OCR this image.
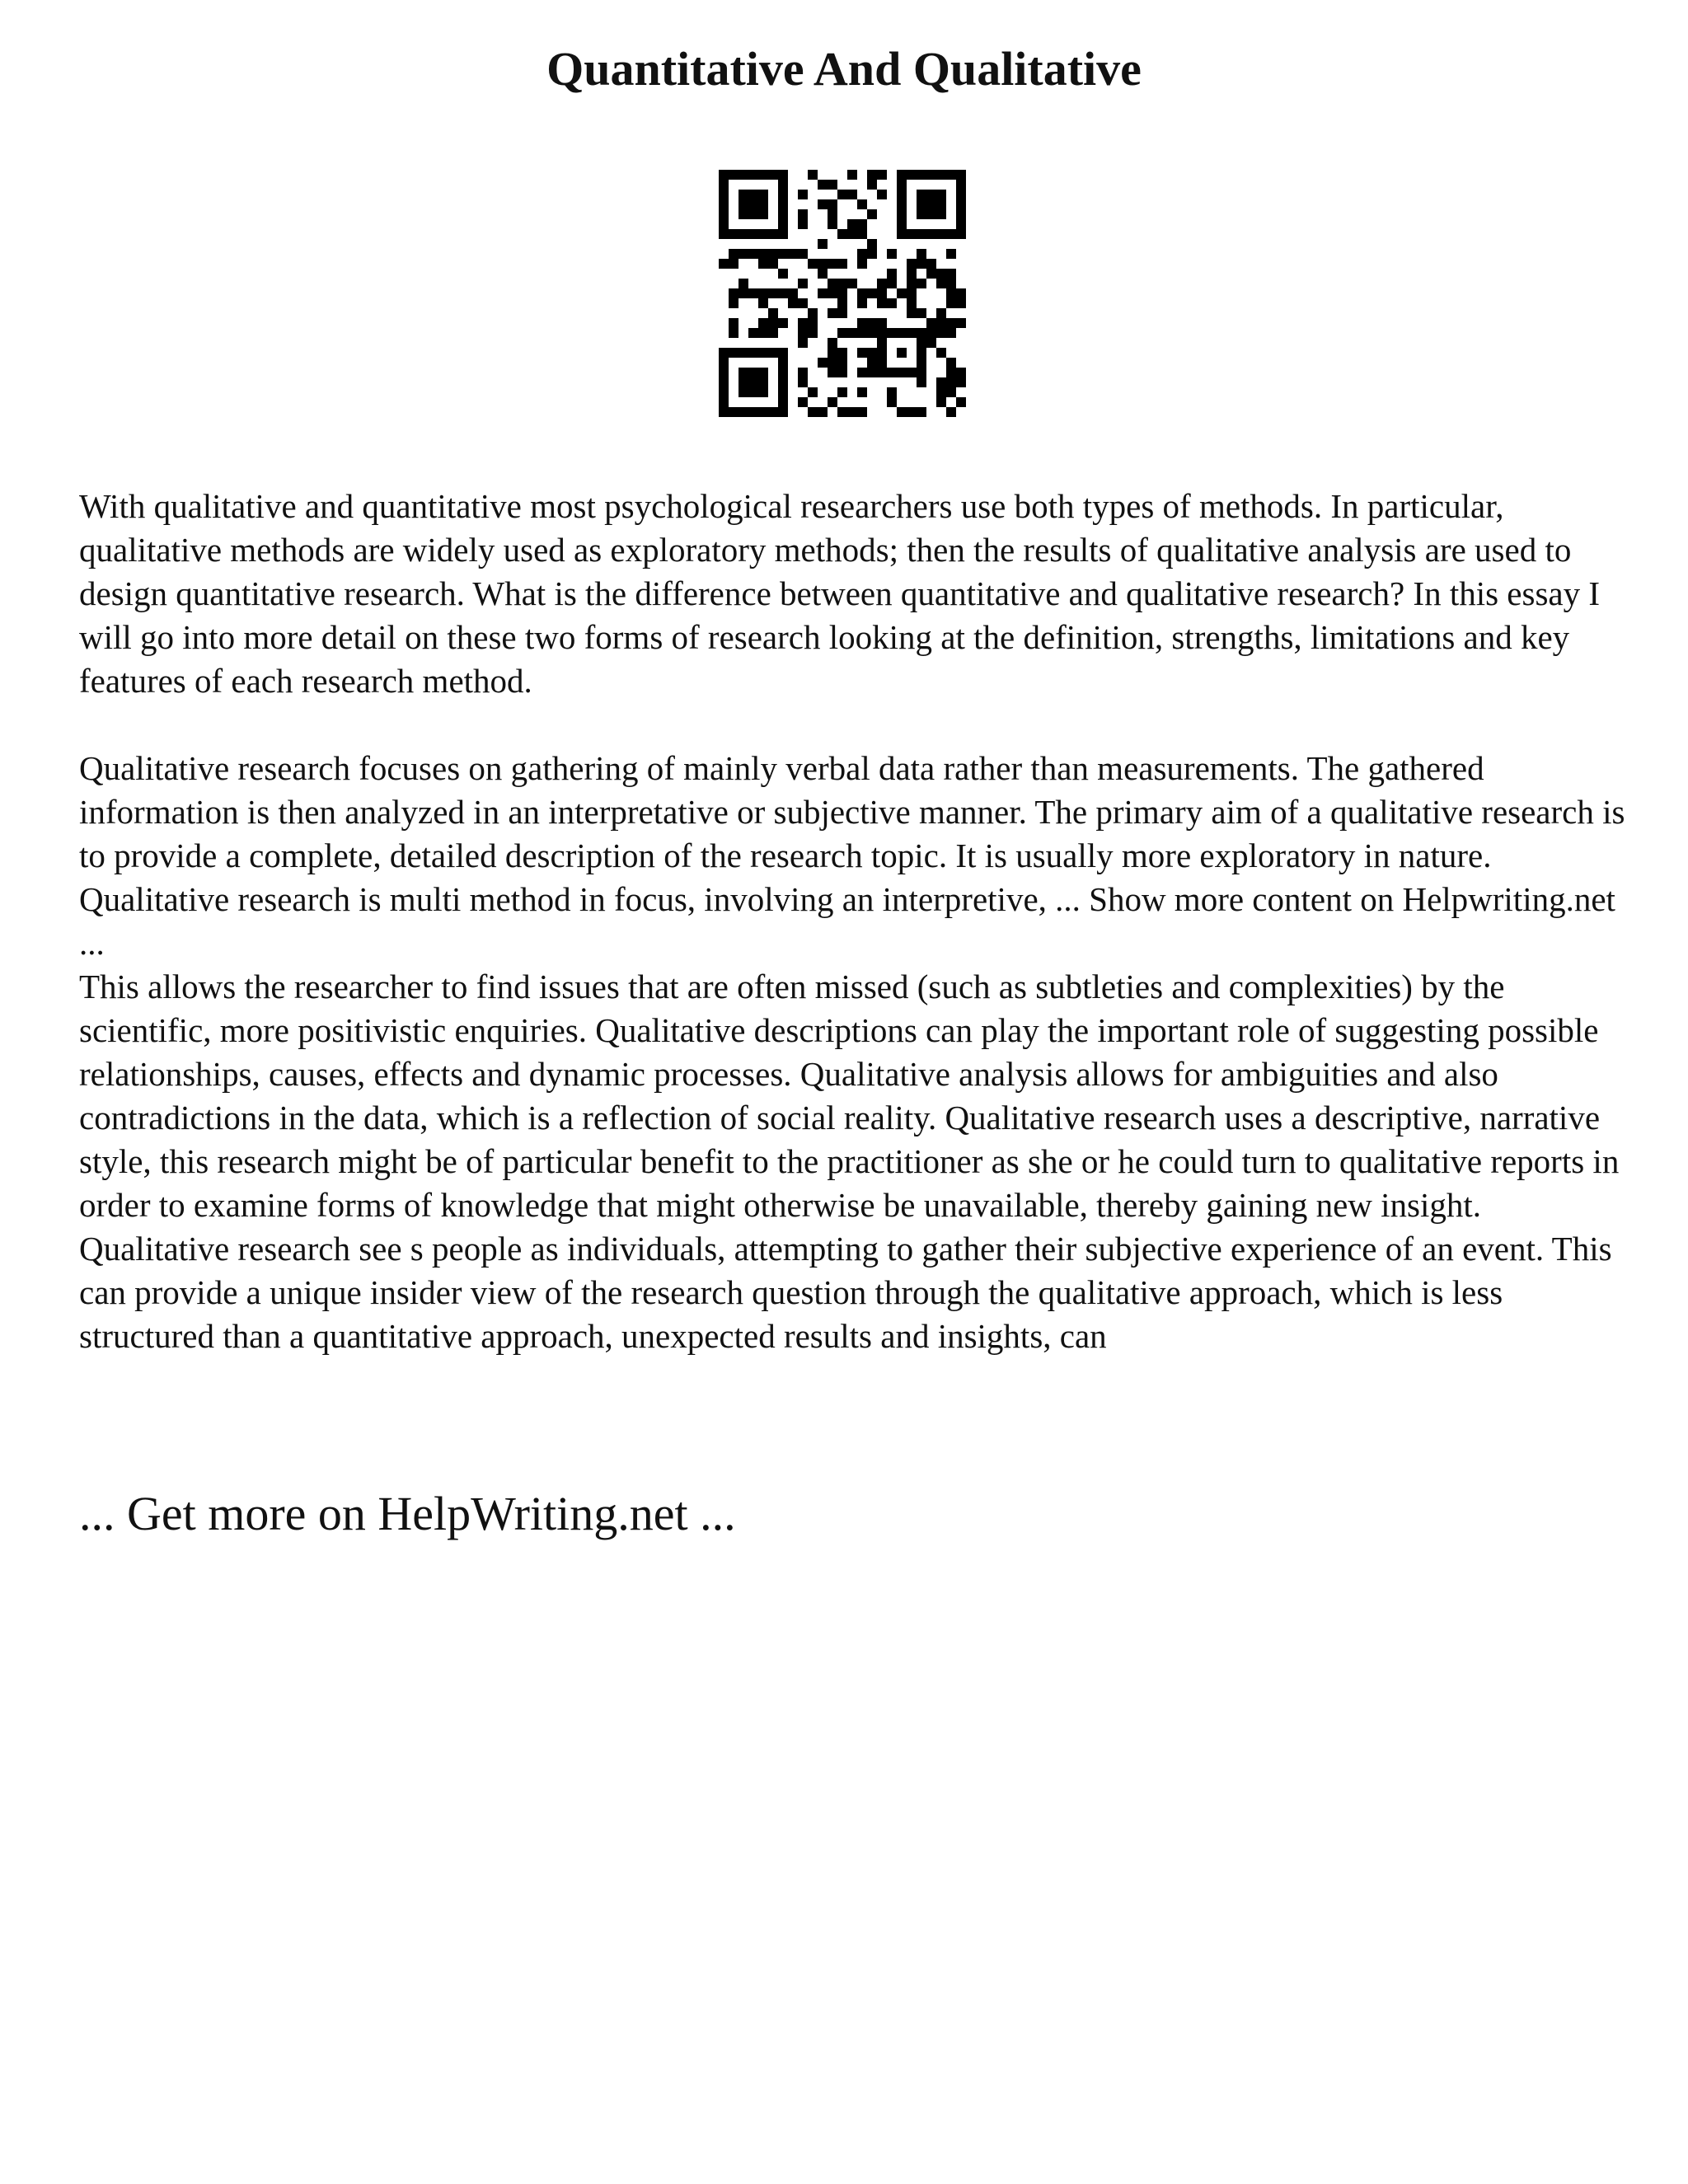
Quantitative And Qualitative

With qualitative and quantitative most psychological researchers use both types of methods. In particular, qualitative methods are widely used as exploratory methods; then the results of qualitative analysis are used to design quantitative research. What is the difference between quantitative and qualitative research? In this essay I will go into more detail on these two forms of research looking at the definition, strengths, limitations and key features of each research method.

Qualitative research focuses on gathering of mainly verbal data rather than measurements. The gathered information is then analyzed in an interpretative or subjective manner. The primary aim of a qualitative research is to provide a complete, detailed description of the research topic. It is usually more exploratory in nature.

Qualitative research is multi method in focus, involving an interpretive, ... Show more content on Helpwriting.net ...

This allows the researcher to find issues that are often missed (such as subtleties and complexities) by the scientific, more positivistic enquiries. Qualitative descriptions can play the important role of suggesting possible relationships, causes, effects and dynamic processes. Qualitative analysis allows for ambiguities and also contradictions in the data, which is a reflection of social reality. Qualitative research uses a descriptive, narrative style, this research might be of particular benefit to the practitioner as she or he could turn to qualitative reports in order to examine forms of knowledge that might otherwise be unavailable, thereby gaining new insight. Qualitative research see s people as individuals, attempting to gather their subjective experience of an event. This can provide a unique insider view of the research question through the qualitative approach, which is less structured than a quantitative approach, unexpected results and insights, can

... Get more on HelpWriting.net ...
